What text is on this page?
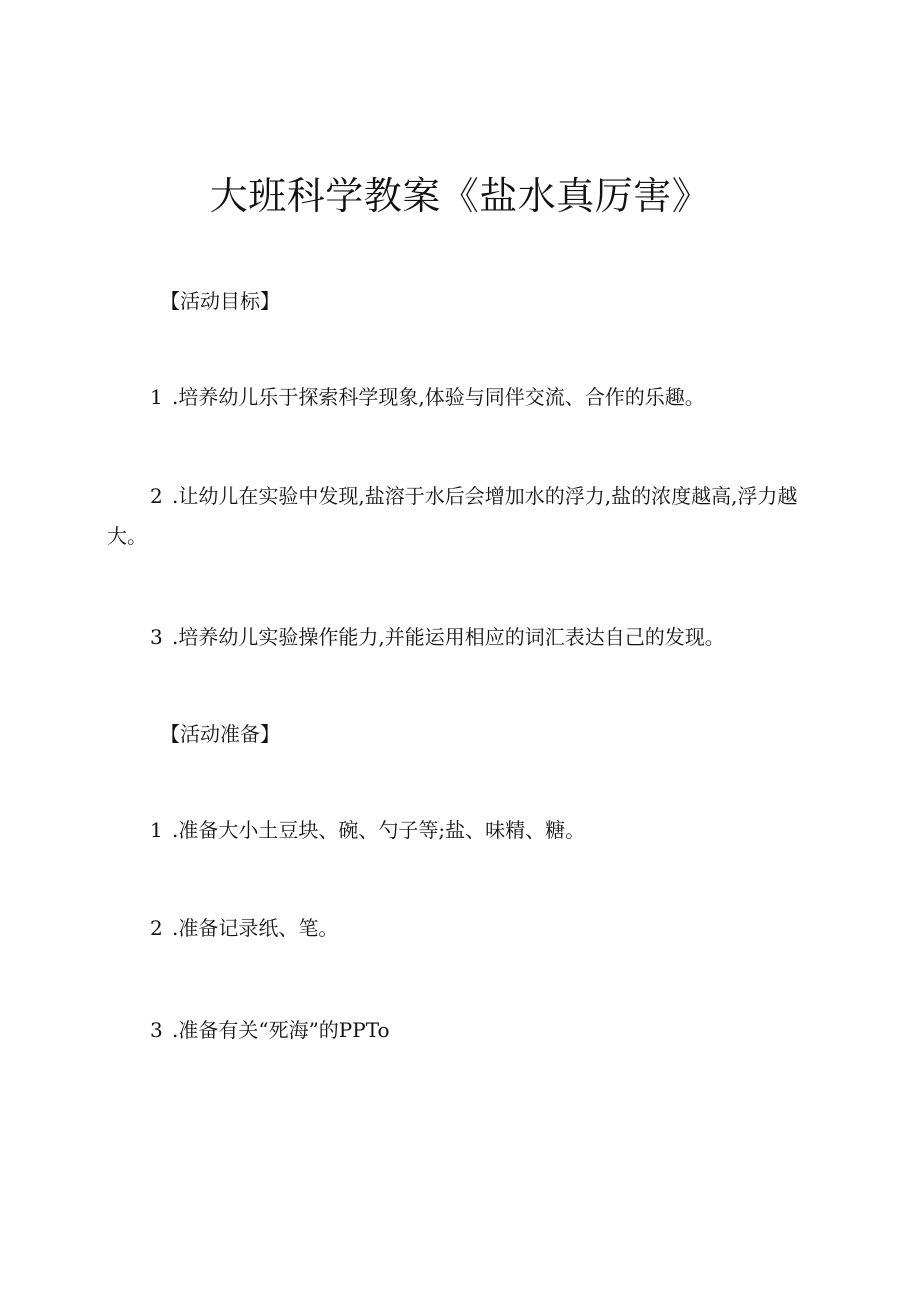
大班科学教案《盐水真厉害》
【活动目标】
1 .培养幼儿乐于探索科学现象,体验与同伴交流、合作的乐趣。

2 .让幼儿在实验中发现,盐溶于水后会增加水的浮力,盐的浓度越高,浮力越大。

3 .培养幼儿实验操作能力,并能运用相应的词汇表达自己的发现。
【活动准备】
1 .准备大小土豆块、碗、勺子等;盐、味精、糖。
2 .准备记录纸、笔。
3 .准备有关“死海”的PPTo
